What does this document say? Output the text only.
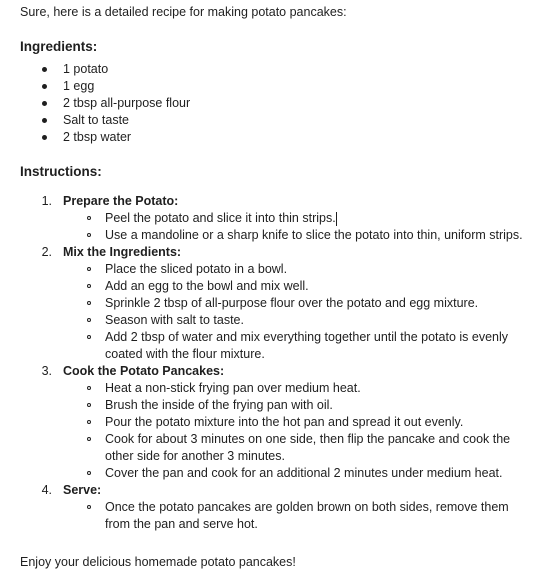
Sure, here is a detailed recipe for making potato pancakes:
Ingredients:
1 potato
1 egg
2 tbsp all-purpose flour
Salt to taste
2 tbsp water
Instructions:
1. Prepare the Potato:
Peel the potato and slice it into thin strips.
Use a mandoline or a sharp knife to slice the potato into thin, uniform strips.
2. Mix the Ingredients:
Place the sliced potato in a bowl.
Add an egg to the bowl and mix well.
Sprinkle 2 tbsp of all-purpose flour over the potato and egg mixture.
Season with salt to taste.
Add 2 tbsp of water and mix everything together until the potato is evenly
coated with the flour mixture.
3. Cook the Potato Pancakes:
Heat a non-stick frying pan over medium heat.
Brush the inside of the frying pan with oil.
Pour the potato mixture into the hot pan and spread it out evenly.
Cook for about 3 minutes on one side, then flip the pancake and cook the
other side for another 3 minutes.
Cover the pan and cook for an additional 2 minutes under medium heat.
4. Serve:
Once the potato pancakes are golden brown on both sides, remove them
from the pan and serve hot.
Enjoy your delicious homemade potato pancakes!
